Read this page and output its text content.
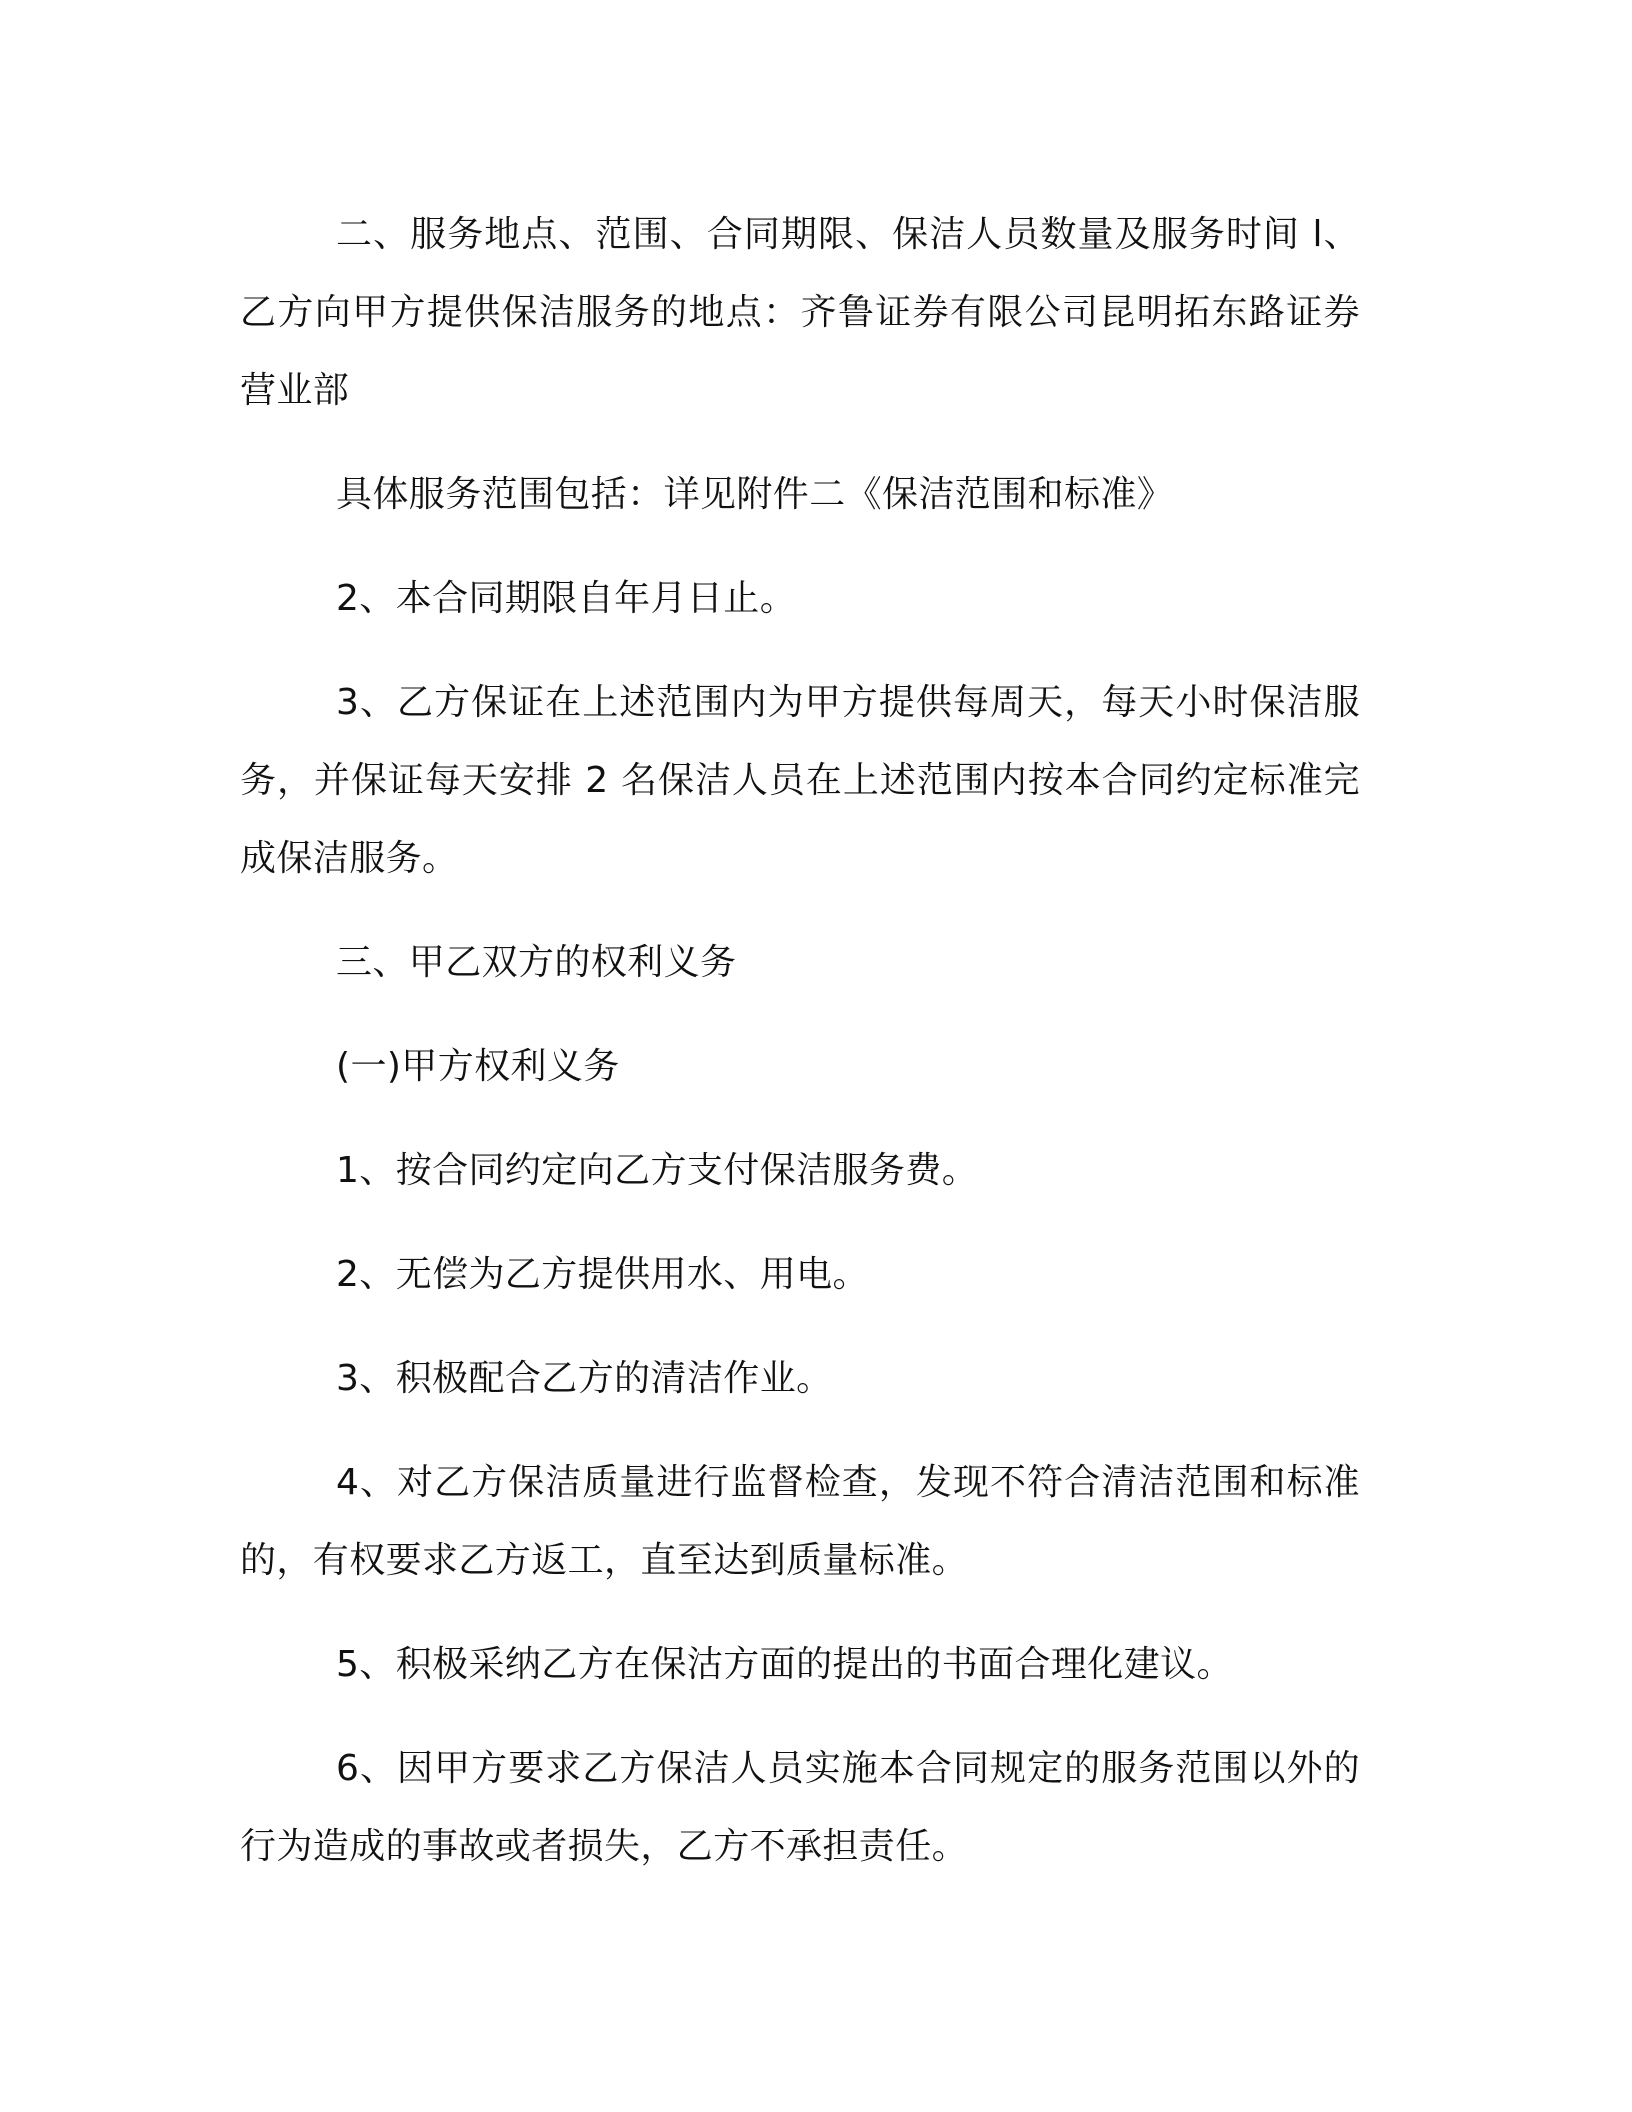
二、服务地点、范围、合同期限、保洁人员数量及服务时间 l、乙方向甲方提供保洁服务的地点：齐鲁证券有限公司昆明拓东路证券营业部

具体服务范围包括：详见附件二《保洁范围和标准》

2、本合同期限自年月日止。

3、乙方保证在上述范围内为甲方提供每周天，每天小时保洁服务，并保证每天安排 2 名保洁人员在上述范围内按本合同约定标准完成保洁服务。

三、甲乙双方的权利义务

(一)甲方权利义务

1、按合同约定向乙方支付保洁服务费。

2、无偿为乙方提供用水、用电。

3、积极配合乙方的清洁作业。

4、对乙方保洁质量进行监督检查，发现不符合清洁范围和标准的，有权要求乙方返工，直至达到质量标准。

5、积极采纳乙方在保沽方面的提出的书面合理化建议。

6、因甲方要求乙方保洁人员实施本合同规定的服务范围以外的行为造成的事故或者损失，乙方不承担责任。
